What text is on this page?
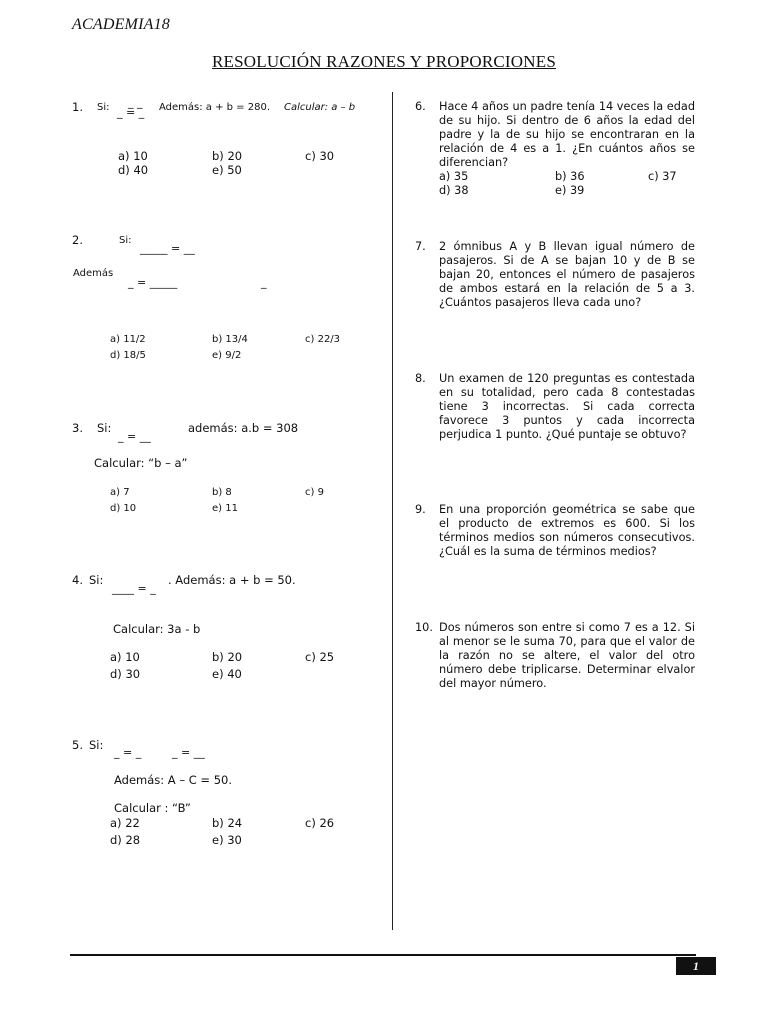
ACADEMIA18
RESOLUCIÓN RAZONES Y PROPORCIONES
1. Si: _ _
_ = _ Además: a + b = 280. Calcular: a – b
a) 10	b) 20	c) 30
d) 40	e) 50
2.	Si:
_____ = __
Además
_ = _____	_
a) 11/2	b) 13/4	c) 22/3
d) 18/5	e) 9/2
3. Si:
_ = __
además: a.b = 308
Calcular: “b – a”
a) 7	b) 8	c) 9
d) 10	e) 11
4. Si:
____ = _
. Además: a + b = 50.
Calcular: 3a - b
a) 10	b) 20	c) 25
d) 30	e) 40
5. Si:
_ = _	_ = __
Además: A – C = 50.
Calcular : “B”
a) 22	b) 24	c) 26
d) 28	e) 30
6. Hace 4 años un padre tenía 14 veces la edad de su hijo. Si dentro de 6 años la edad del padre y la de su hijo se encontraran en la relación de 4 es a 1. ¿En cuántos años se diferencian?
a) 35	b) 36	c) 37
d) 38	e) 39
7. 2 ómnibus A y B llevan igual número de pasajeros. Si de A se bajan 10 y de B se bajan 20, entonces el número de pasajeros de ambos estará en la relación de 5 a 3. ¿Cuántos pasajeros lleva cada uno?
8. Un examen de 120 preguntas es contestada en su totalidad, pero cada 8 contestadas tiene 3 incorrectas. Si cada correcta favorece 3 puntos y cada incorrecta perjudica 1 punto. ¿Qué puntaje se obtuvo?
9. En una proporción geométrica se sabe que el producto de extremos es 600. Si los términos medios son números consecutivos. ¿Cuál es la suma de términos medios?
10. Dos números son entre si como 7 es a 12. Si al menor se le suma 70, para que el valor de la razón no se altere, el valor del otro número debe triplicarse. Determinar elvalor del mayor número.
1
